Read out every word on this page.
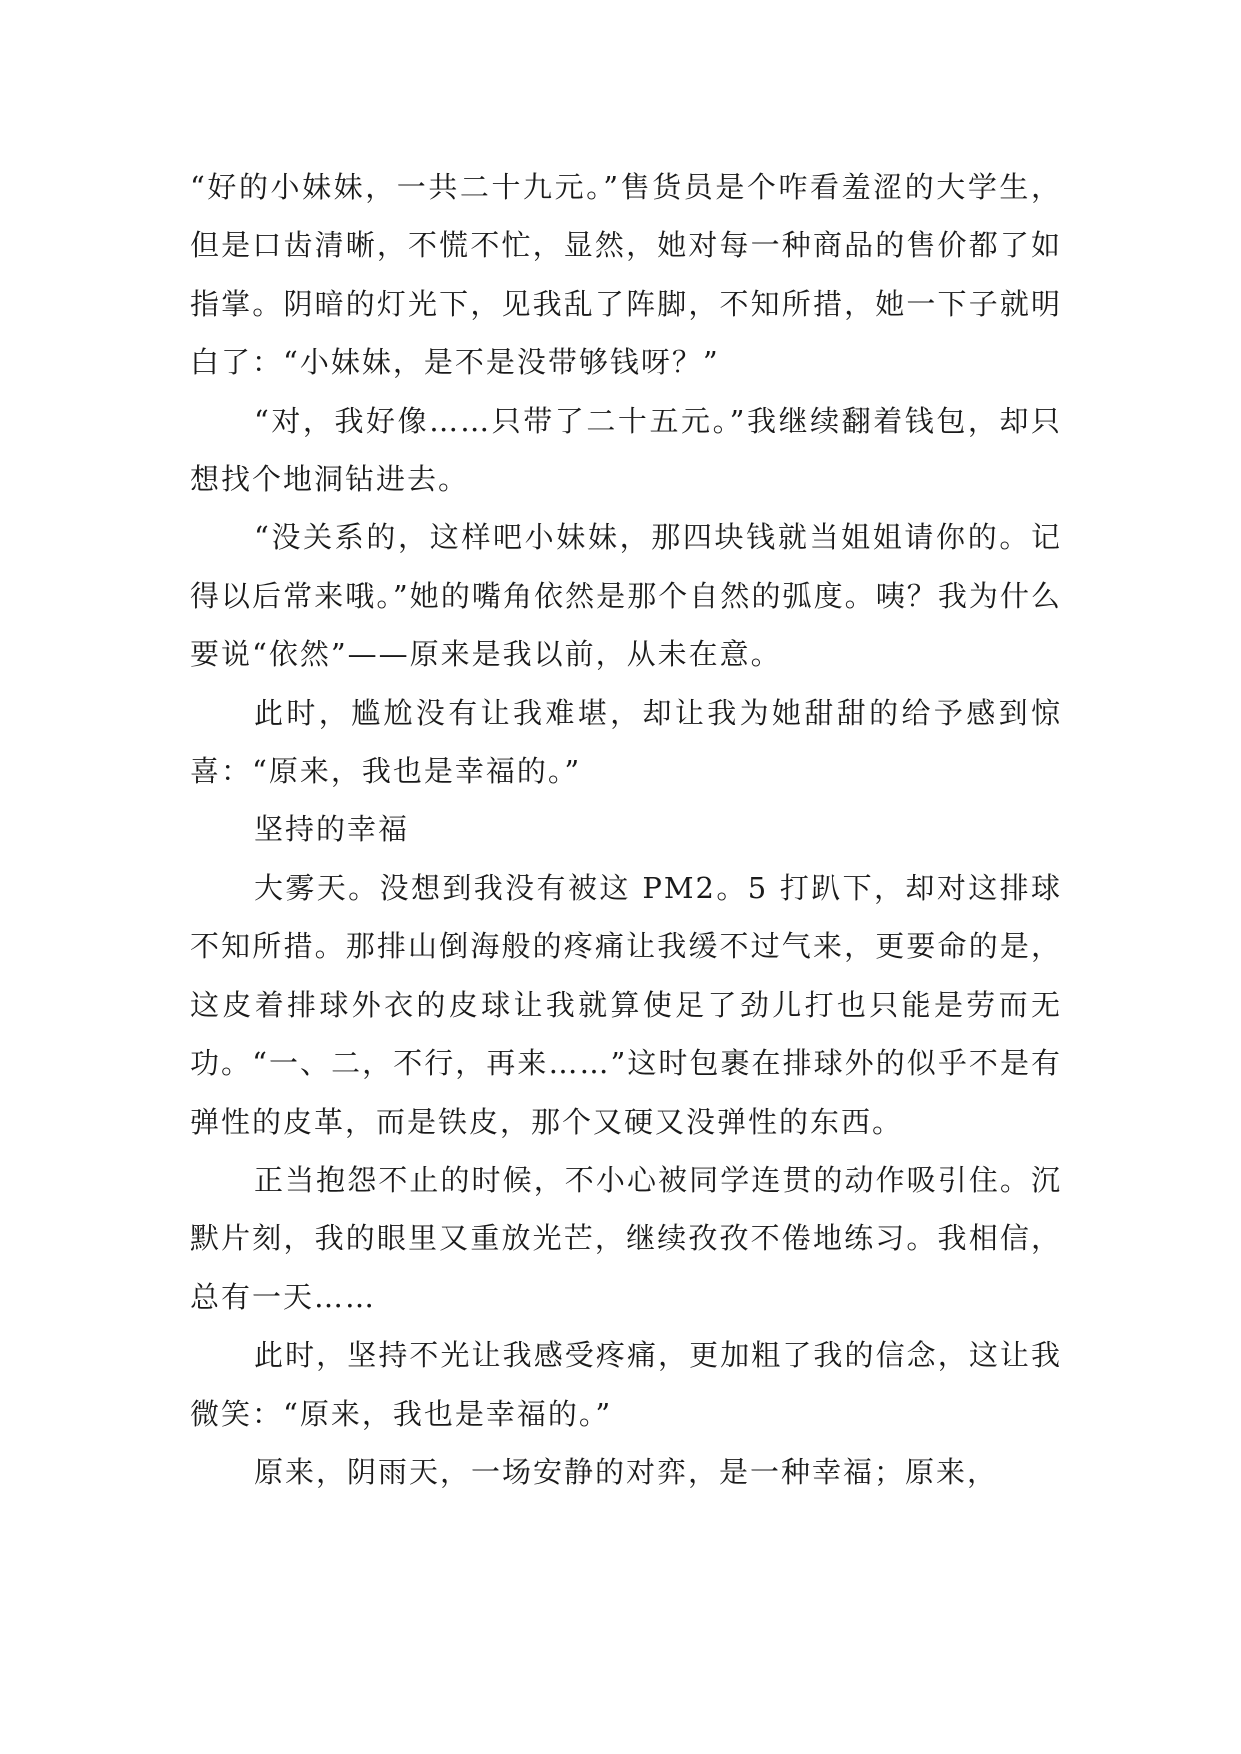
“好的小妹妹，一共二十九元。”售货员是个咋看羞涩的大学生，但是口齿清晰，不慌不忙，显然，她对每一种商品的售价都了如指掌。阴暗的灯光下，见我乱了阵脚，不知所措，她一下子就明白了：“小妹妹，是不是没带够钱呀？”

“对，我好像……只带了二十五元。”我继续翻着钱包，却只想找个地洞钻进去。

“没关系的，这样吧小妹妹，那四块钱就当姐姐请你的。记得以后常来哦。”她的嘴角依然是那个自然的弧度。咦？我为什么要说“依然”——原来是我以前，从未在意。

此时，尴尬没有让我难堪，却让我为她甜甜的给予感到惊喜：“原来，我也是幸福的。”

坚持的幸福

大雾天。没想到我没有被这 PM2。5 打趴下，却对这排球不知所措。那排山倒海般的疼痛让我缓不过气来，更要命的是，这皮着排球外衣的皮球让我就算使足了劲儿打也只能是劳而无功。“一、二，不行，再来……”这时包裹在排球外的似乎不是有弹性的皮革，而是铁皮，那个又硬又没弹性的东西。

正当抱怨不止的时候，不小心被同学连贯的动作吸引住。沉默片刻，我的眼里又重放光芒，继续孜孜不倦地练习。我相信，总有一天……

此时，坚持不光让我感受疼痛，更加粗了我的信念，这让我微笑：“原来，我也是幸福的。”

原来，阴雨天，一场安静的对弈，是一种幸福；原来，
